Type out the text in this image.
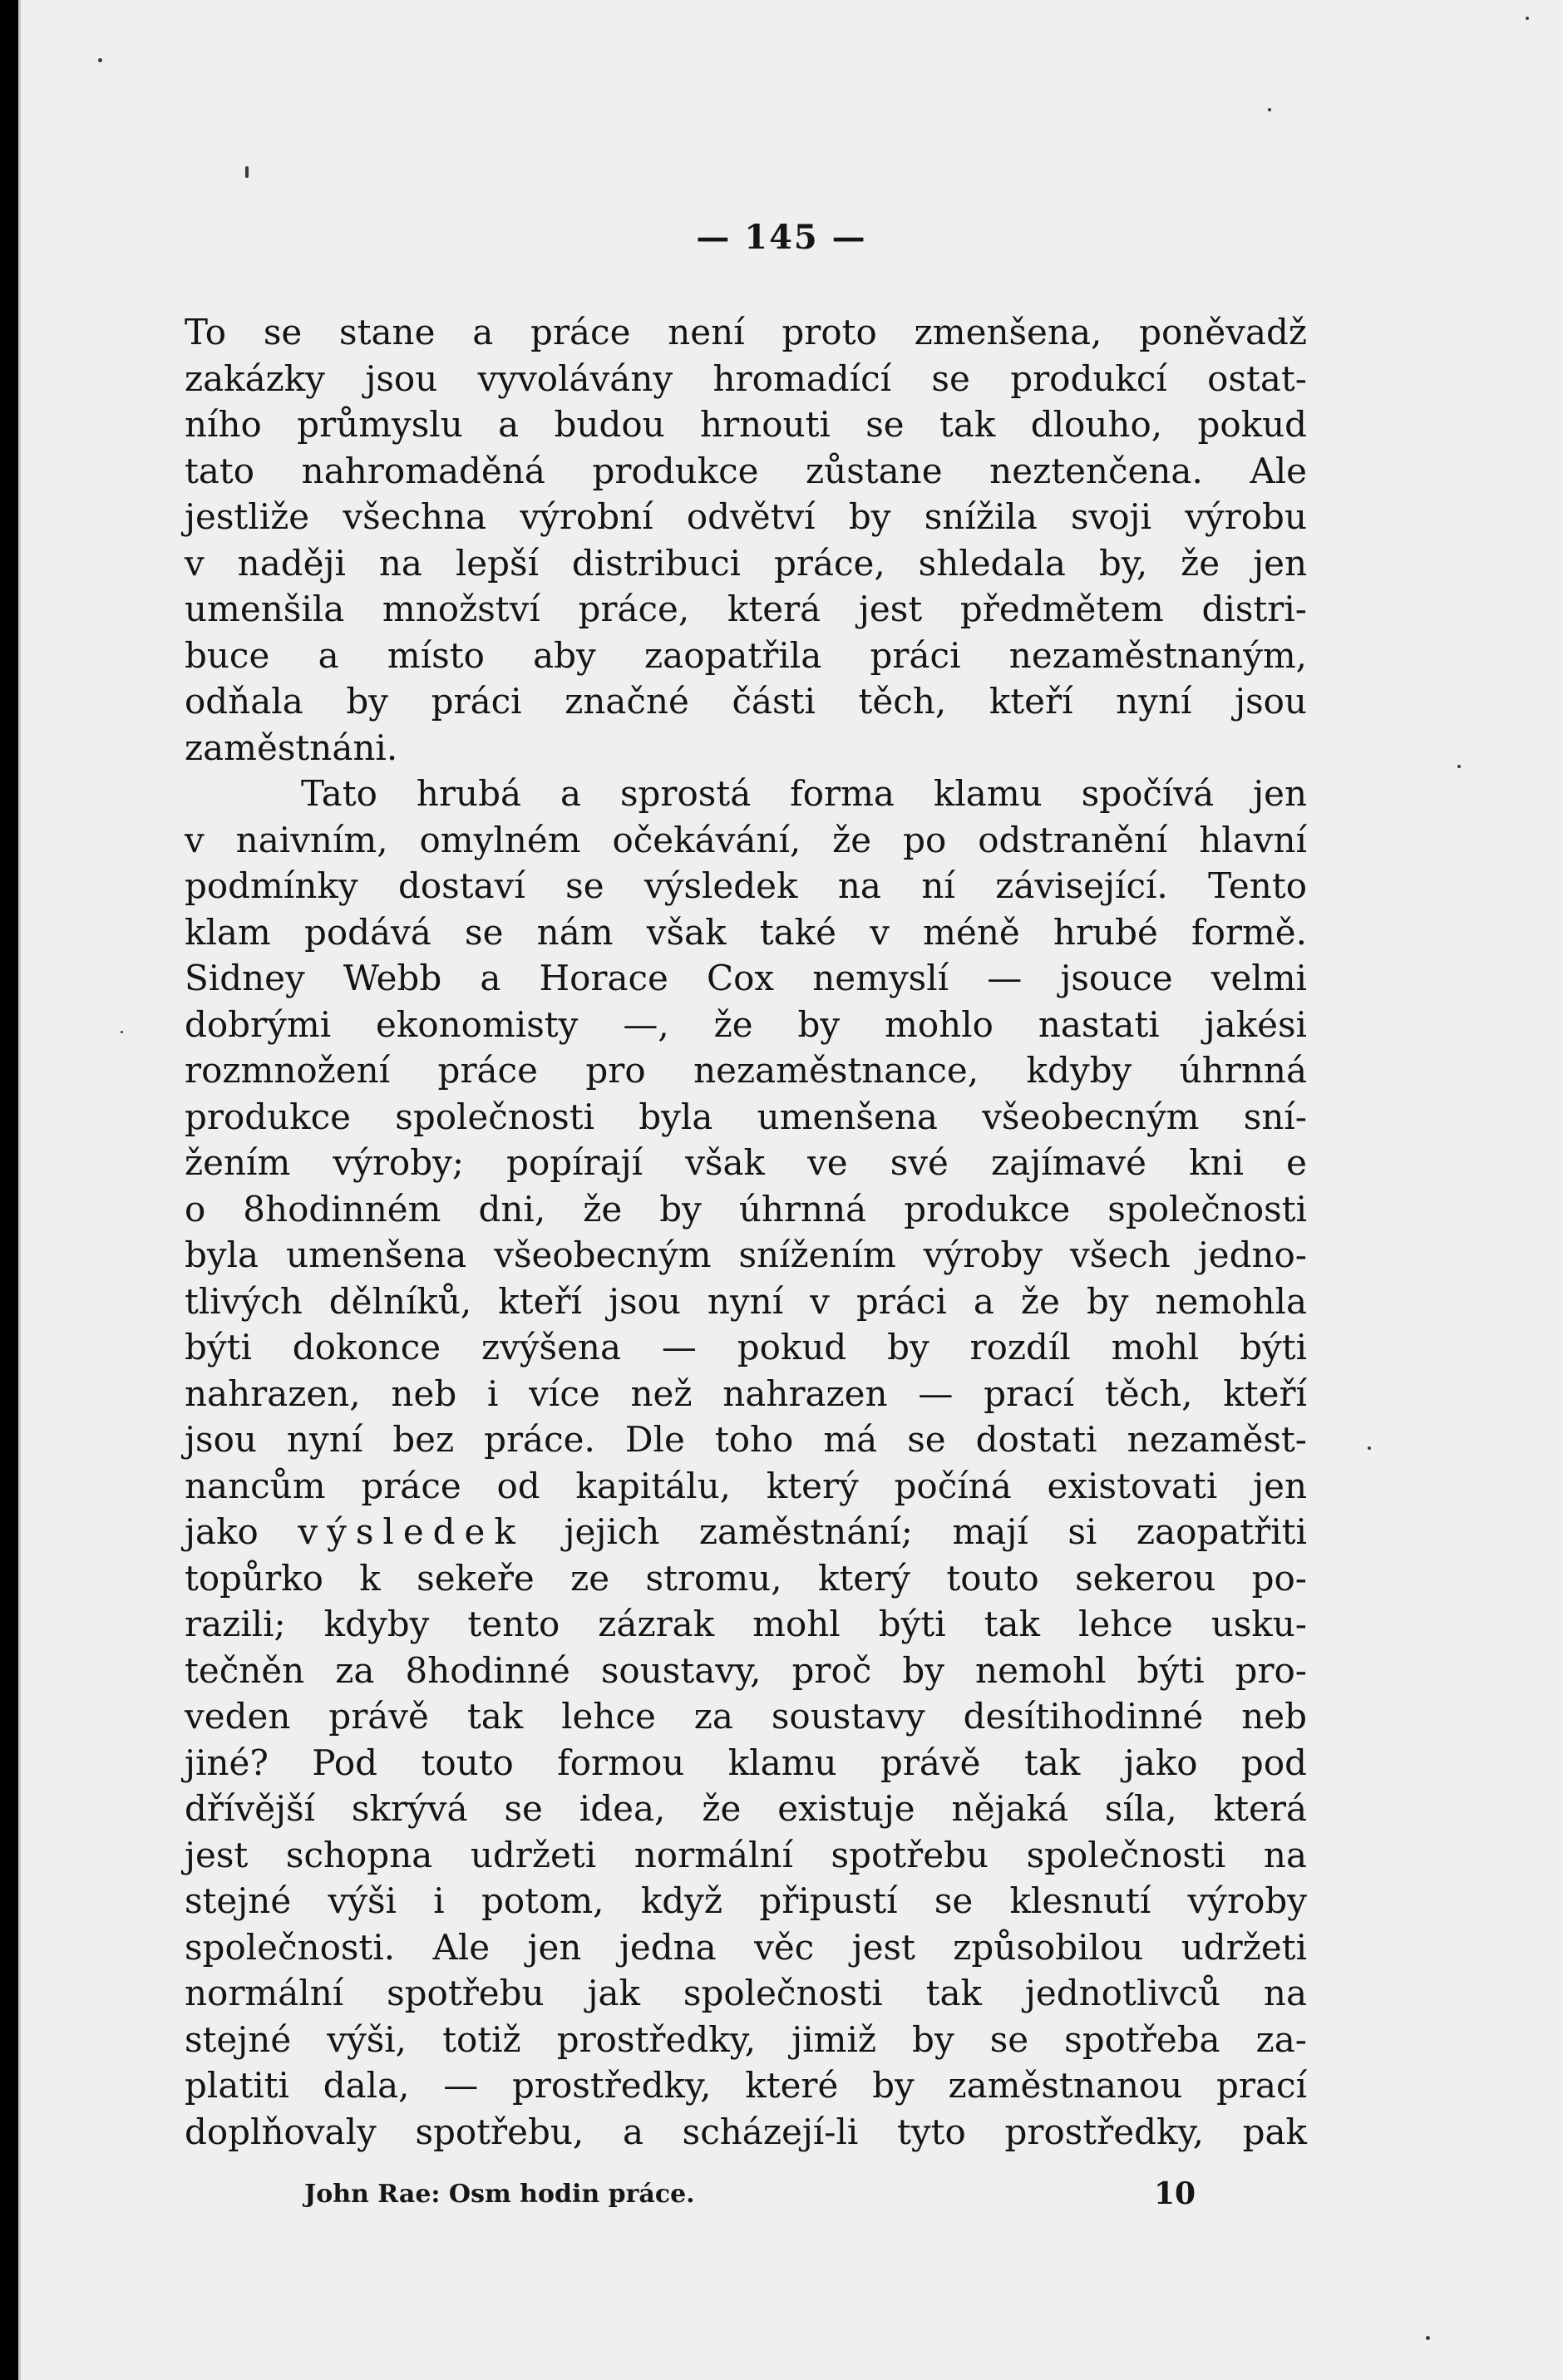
— 145 —
To se stane a práce není proto zmenšena, poněvadž
zakázky jsou vyvolávány hromadící se produkcí ostat-
ního průmyslu a budou hrnouti se tak dlouho, pokud
tato nahromaděná produkce zůstane neztenčena. Ale
jestliže všechna výrobní odvětví by snížila svoji výrobu
v naději na lepší distribuci práce, shledala by, že jen
umenšila množství práce, která jest předmětem distri-
buce a místo aby zaopatřila práci nezaměstnaným,
odňala by práci značné části těch, kteří nyní jsou
zaměstnáni.
Tato hrubá a sprostá forma klamu spočívá jen
v naivním, omylném očekávání, že po odstranění hlavní
podmínky dostaví se výsledek na ní závisející. Tento
klam podává se nám však také v méně hrubé formě.
Sidney Webb a Horace Cox nemyslí — jsouce velmi
dobrými ekonomisty —, že by mohlo nastati jakési
rozmnožení práce pro nezaměstnance, kdyby úhrnná
produkce společnosti byla umenšena všeobecným sní-
žením výroby; popírají však ve své zajímavé kni e
o 8hodinném dni, že by úhrnná produkce společnosti
byla umenšena všeobecným snížením výroby všech jedno-
tlivých dělníků, kteří jsou nyní v práci a že by nemohla
býti dokonce zvýšena — pokud by rozdíl mohl býti
nahrazen, neb i více než nahrazen — prací těch, kteří
jsou nyní bez práce. Dle toho má se dostati nezaměst-
nancům práce od kapitálu, který počíná existovati jen
jako výsledek jejich zaměstnání; mají si zaopatřiti
topůrko k sekeře ze stromu, který touto sekerou po-
razili; kdyby tento zázrak mohl býti tak lehce usku-
tečněn za 8hodinné soustavy, proč by nemohl býti pro-
veden právě tak lehce za soustavy desítihodinné neb
jiné? Pod touto formou klamu právě tak jako pod
dřívější skrývá se idea, že existuje nějaká síla, která
jest schopna udržeti normální spotřebu společnosti na
stejné výši i potom, když připustí se klesnutí výroby
společnosti. Ale jen jedna věc jest způsobilou udržeti
normální spotřebu jak společnosti tak jednotlivců na
stejné výši, totiž prostředky, jimiž by se spotřeba za-
platiti dala, — prostředky, které by zaměstnanou prací
doplňovaly spotřebu, a scházejí-li tyto prostředky, pak
John Rae: Osm hodin práce.	10
